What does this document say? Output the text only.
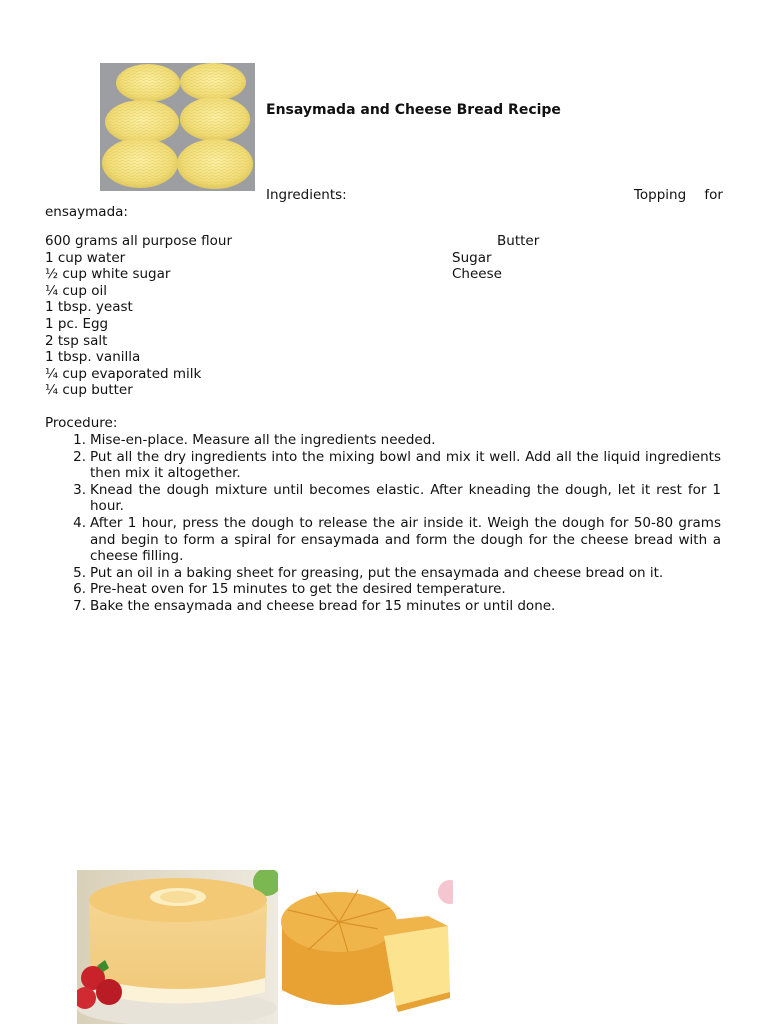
Ensaymada and Cheese Bread Recipe
Ingredients:	Topping for
ensaymada:
600 grams all purpose flour
1 cup water
½ cup white sugar
¼ cup oil
1 tbsp. yeast
1 pc. Egg
2 tsp salt
1 tbsp. vanilla
¼ cup evaporated milk
¼ cup butter
Butter
Sugar
Cheese
Procedure:
1. Mise-en-place. Measure all the ingredients needed.
2. Put all the dry ingredients into the mixing bowl and mix it well. Add all the liquid ingredients then mix it altogether.
3. Knead the dough mixture until becomes elastic. After kneading the dough, let it rest for 1 hour.
4. After 1 hour, press the dough to release the air inside it. Weigh the dough for 50-80 grams and begin to form a spiral for ensaymada and form the dough for the cheese bread with a cheese filling.
5. Put an oil in a baking sheet for greasing, put the ensaymada and cheese bread on it.
6. Pre-heat oven for 15 minutes to get the desired temperature.
7. Bake the ensaymada and cheese bread for 15 minutes or until done.
